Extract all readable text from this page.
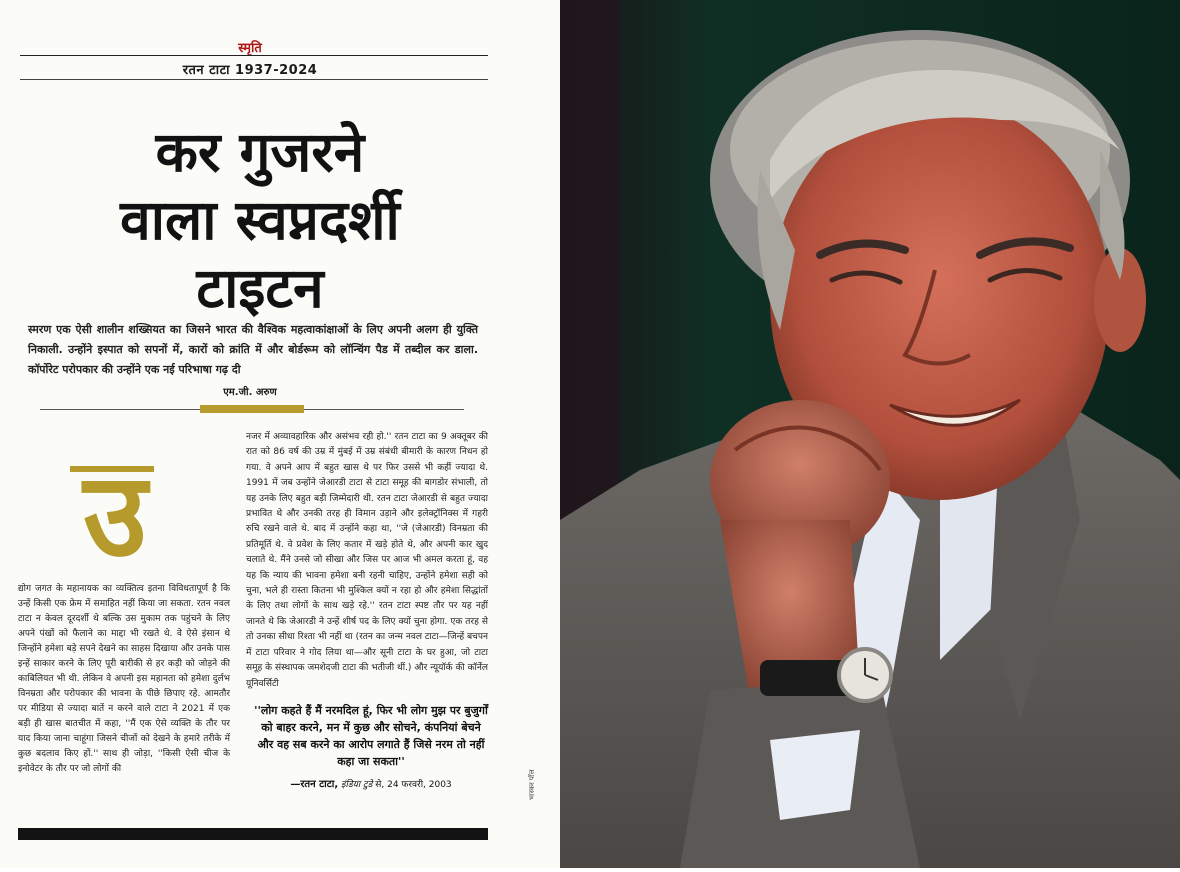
स्मृति
रतन टाटा 1937-2024
कर गुजरने
वाला स्वप्नदर्शी
टाइटन

स्मरण एक ऐसी शालीन शख्सियत का जिसने भारत की वैश्विक महत्वाकांक्षाओं के लिए अपनी अलग ही युक्ति निकाली. उन्होंने इस्पात को सपनों में, कारों को क्रांति में और बोर्डरूम को लॉन्चिंग पैड में तब्दील कर डाला. कॉर्पोरेट परोपकार की उन्होंने एक नई परिभाषा गढ़ दी

एम.जी. अरुण
उ

द्योग जगत के महानायक का व्यक्तित्व इतना विविधतापूर्ण है कि उन्हें किसी एक फ्रेम में समाहित नहीं किया जा सकता. रतन नवल टाटा न केवल दूरदर्शी थे बल्कि उस मुकाम तक पहुंचने के लिए अपने पंखों को फैलाने का माद्दा भी रखते थे. वे ऐसे इंसान थे जिन्होंने हमेशा बड़े सपने देखने का साहस दिखाया और उनके पास इन्हें साकार करने के लिए पूरी बारीकी से हर कड़ी को जोड़ने की काबिलियत भी थी. लेकिन वे अपनी इस महानता को हमेशा दुर्लभ विनम्रता और परोपकार की भावना के पीछे छिपाए रहे. आमतौर पर मीडिया से ज्यादा बातें न करने वाले टाटा ने 2021 में एक बड़ी ही खास बातचीत में कहा, ''मैं एक ऐसे व्यक्ति के तौर पर याद किया जाना चाहूंगा जिसने चीजों को देखने के हमारे तरीके में कुछ बदलाव किए हों.'' साथ ही जोड़ा, ''किसी ऐसी चीज के इनोवेटर के तौर पर जो लोगों की

नजर में अव्यावहारिक और असंभव रही हो.'' रतन टाटा का 9 अक्तूबर की रात को 86 वर्ष की उम्र में मुंबई में उम्र संबंधी बीमारी के कारण निधन हो गया. वे अपने आप में बहुत खास थे पर फिर उससे भी कहीं ज्यादा थे. 1991 में जब उन्होंने जेआरडी टाटा से टाटा समूह की बागडोर संभाली, तो यह उनके लिए बहुत बड़ी जिम्मेदारी थी. रतन टाटा जेआरडी से बहुत ज्यादा प्रभावित थे और उनकी तरह ही विमान उड़ाने और इलेक्ट्रॉनिक्स में गहरी रुचि रखने वाले थे. बाद में उन्होंने कहा था, ''जे (जेआरडी) विनम्रता की प्रतिमूर्ति थे. वे प्रवेश के लिए कतार में खड़े होते थे, और अपनी कार खुद चलाते थे. मैंने उनसे जो सीखा और जिस पर आज भी अमल करता हूं, वह यह कि न्याय की भावना हमेशा बनी रहनी चाहिए, उन्होंने हमेशा सही को चुना, भले ही रास्ता कितना भी मुश्किल क्यों न रहा हो और हमेशा सिद्धांतों के लिए तथा लोगों के साथ खड़े रहे.'' रतन टाटा स्पष्ट तौर पर यह नहीं जानते थे कि जेआरडी ने उन्हें शीर्ष पद के लिए क्यों चुना होगा. एक तरह से तो उनका सीधा रिश्ता भी नहीं था (रतन का जन्म नवल टाटा—जिन्हें बचपन में टाटा परिवार ने गोद लिया था—और सूनी टाटा के घर हुआ, जो टाटा समूह के संस्थापक जमशेदजी टाटा की भतीजी थीं.) और न्यूयॉर्क की कॉर्नेल यूनिवर्सिटी

''लोग कहते हैं मैं नरमदिल हूं, फिर भी लोग मुझ पर बुजुर्गों को बाहर करने, मन में कुछ और सोचने, कंपनियां बेचने और वह सब करने का आरोप लगाते हैं जिसे नरम तो नहीं कहा जा सकता''

—रतन टाटा, इंडिया टुडे से, 24 फरवरी, 2003	भास्कर पॉल
